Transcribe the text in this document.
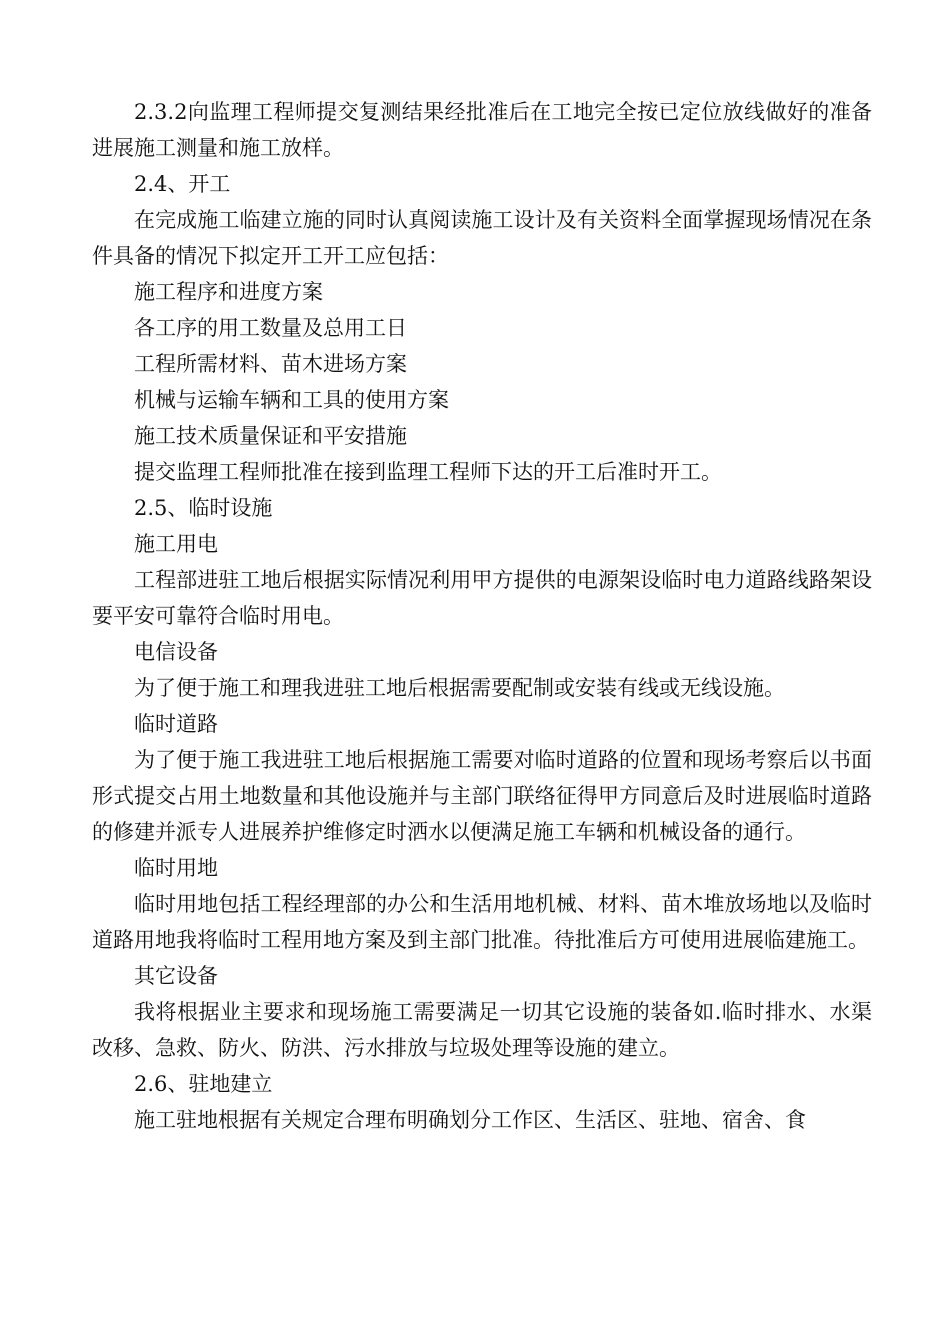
2.3.2向监理工程师提交复测结果经批准后在工地完全按已定位放线做好的准备进展施工测量和施工放样。

2.4、开工

在完成施工临建立施的同时认真阅读施工设计及有关资料全面掌握现场情况在条件具备的情况下拟定开工开工应包括：

施工程序和进度方案

各工序的用工数量及总用工日

工程所需材料、苗木进场方案

机械与运输车辆和工具的使用方案

施工技术质量保证和平安措施

提交监理工程师批准在接到监理工程师下达的开工后准时开工。

2.5、临时设施

施工用电

工程部进驻工地后根据实际情况利用甲方提供的电源架设临时电力道路线路架设要平安可靠符合临时用电。

电信设备

为了便于施工和理我进驻工地后根据需要配制或安装有线或无线设施。

临时道路

为了便于施工我进驻工地后根据施工需要对临时道路的位置和现场考察后以书面形式提交占用土地数量和其他设施并与主部门联络征得甲方同意后及时进展临时道路的修建并派专人进展养护维修定时洒水以便满足施工车辆和机械设备的通行。

临时用地

临时用地包括工程经理部的办公和生活用地机械、材料、苗木堆放场地以及临时道路用地我将临时工程用地方案及到主部门批准。待批准后方可使用进展临建施工。

其它设备

我将根据业主要求和现场施工需要满足一切其它设施的装备如.临时排水、水渠改移、急救、防火、防洪、污水排放与垃圾处理等设施的建立。

2.6、驻地建立

施工驻地根据有关规定合理布明确划分工作区、生活区、驻地、宿舍、食
